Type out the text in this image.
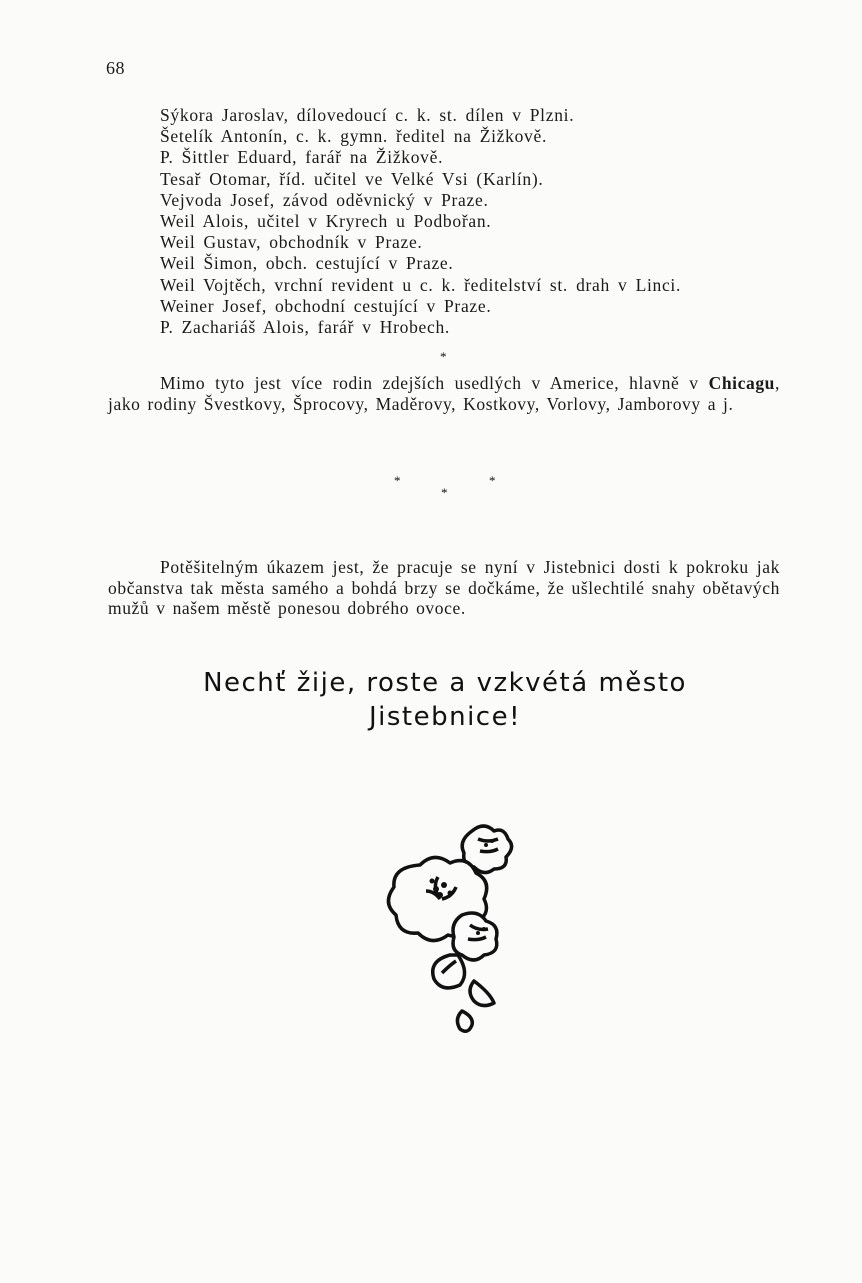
68
Sýkora Jaroslav, dílovedoucí c. k. st. dílen v Plzni.
Šetelík Antonín, c. k. gymn. ředitel na Žižkově.
P. Šittler Eduard, farář na Žižkově.
Tesař Otomar, říd. učitel ve Velké Vsi (Karlín).
Vejvoda Josef, závod oděvnický v Praze.
Weil Alois, učitel v Kryrech u Podbořan.
Weil Gustav, obchodník v Praze.
Weil Šimon, obch. cestující v Praze.
Weil Vojtěch, vrchní revident u c. k. ředitelství st. drah v Linci.
Weiner Josef, obchodní cestující v Praze.
P. Zachariáš Alois, farář v Hrobech.
*

Mimo tyto jest více rodin zdejších usedlých v Americe, hlavně v Chicagu, jako rodiny Švestkovy, Šprocovy, Maděrovy, Kostkovy, Vorlovy, Jamborovy a j.

*
*
*

Potěšitelným úkazem jest, že pracuje se nyní v Jistebnici dosti k pokroku jak občanstva tak města samého a bohdá brzy se dočkáme, že ušlechtilé snahy obětavých mužů v našem městě ponesou dobrého ovoce.

Nechť žije, roste a vzkvétá město
Jistebnice!
